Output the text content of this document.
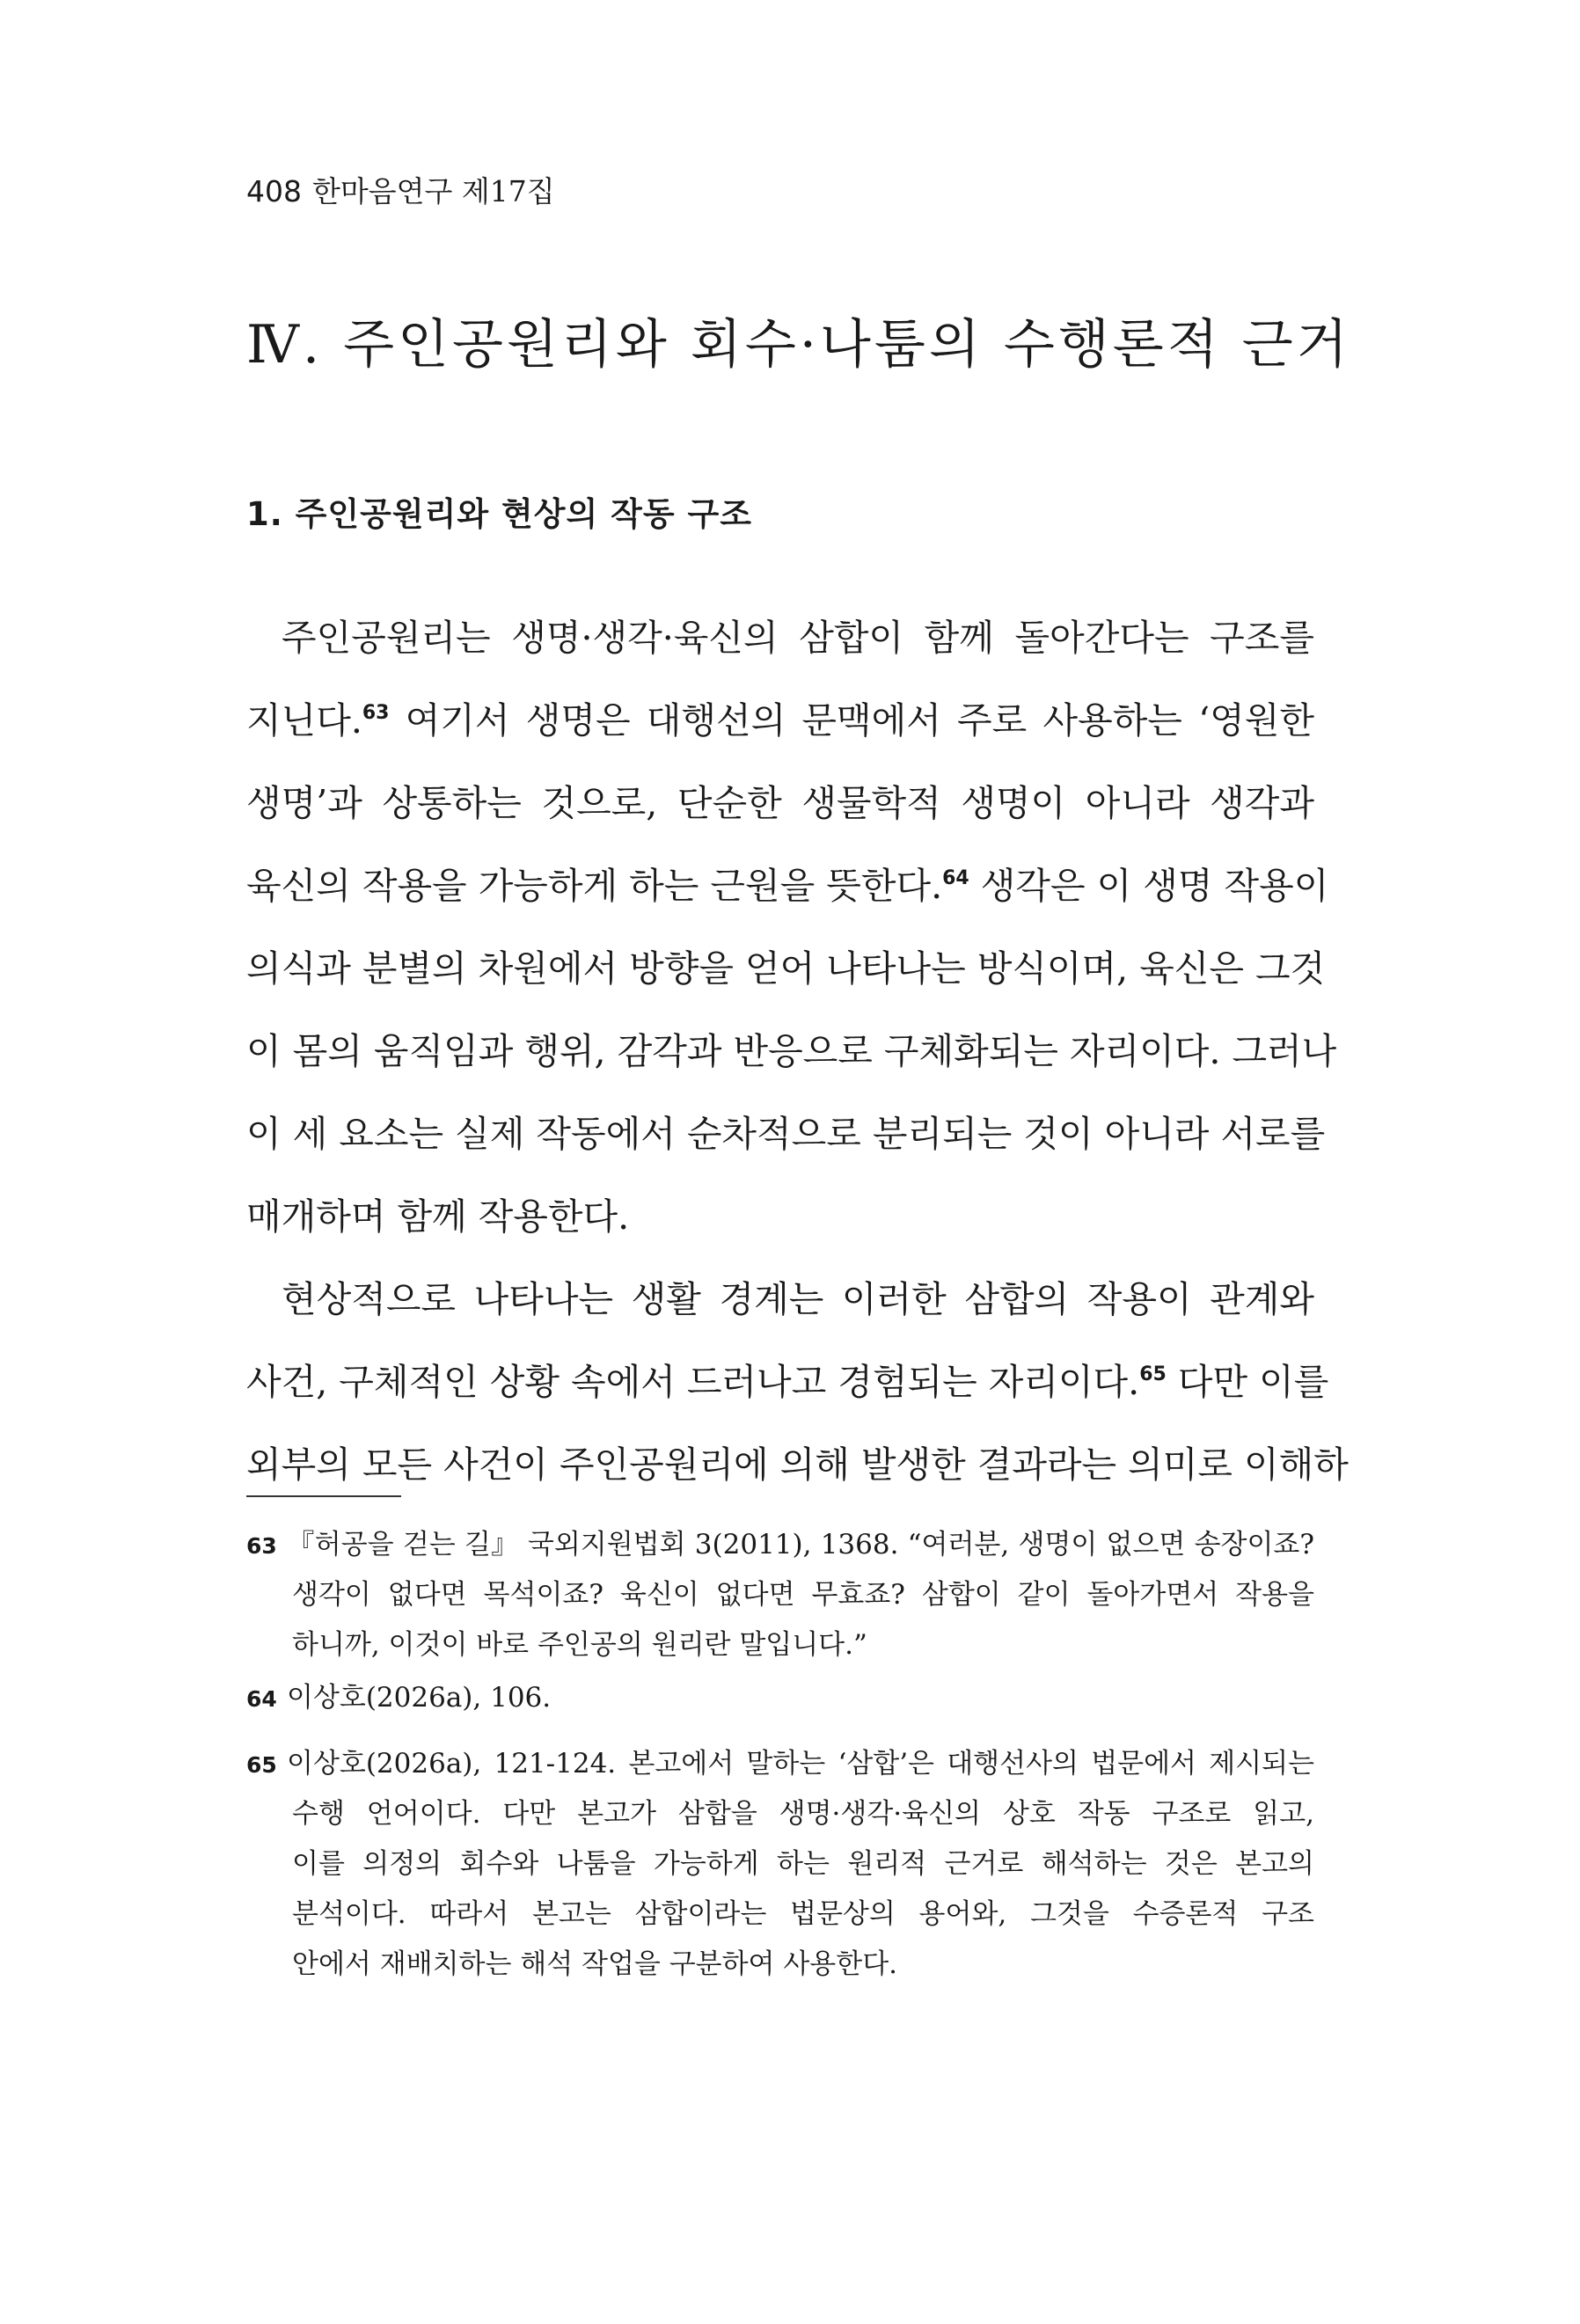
408 한마음연구 제17집
Ⅳ. 주인공원리와 회수·나툼의 수행론적 근거
1. 주인공원리와 현상의 작동 구조
주인공원리는 생명·생각·육신의 삼합이 함께 돌아간다는 구조를
지닌다.$^{63}$ 여기서 생명은 대행선의 문맥에서 주로 사용하는 ‘영원한
생명’과 상통하는 것으로, 단순한 생물학적 생명이 아니라 생각과
육신의 작용을 가능하게 하는 근원을 뜻한다.$^{64}$ 생각은 이 생명 작용이
의식과 분별의 차원에서 방향을 얻어 나타나는 방식이며, 육신은 그것
이 몸의 움직임과 행위, 감각과 반응으로 구체화되는 자리이다. 그러나
이 세 요소는 실제 작동에서 순차적으로 분리되는 것이 아니라 서로를
매개하며 함께 작용한다.
현상적으로 나타나는 생활 경계는 이러한 삼합의 작용이 관계와
사건, 구체적인 상황 속에서 드러나고 경험되는 자리이다.$^{65}$ 다만 이를
외부의 모든 사건이 주인공원리에 의해 발생한 결과라는 의미로 이해하
63 『허공을 걷는 길』 국외지원법회 3(2011), 1368. “여러분, 생명이 없으면 송장이죠?
생각이 없다면 목석이죠? 육신이 없다면 무효죠? 삼합이 같이 돌아가면서 작용을
하니까, 이것이 바로 주인공의 원리란 말입니다.”
64 이상호(2026a), 106.
65 이상호(2026a), 121-124. 본고에서 말하는 ‘삼합’은 대행선사의 법문에서 제시되는
수행 언어이다. 다만 본고가 삼합을 생명·생각·육신의 상호 작동 구조로 읽고,
이를 의정의 회수와 나툼을 가능하게 하는 원리적 근거로 해석하는 것은 본고의
분석이다. 따라서 본고는 삼합이라는 법문상의 용어와, 그것을 수증론적 구조
안에서 재배치하는 해석 작업을 구분하여 사용한다.
